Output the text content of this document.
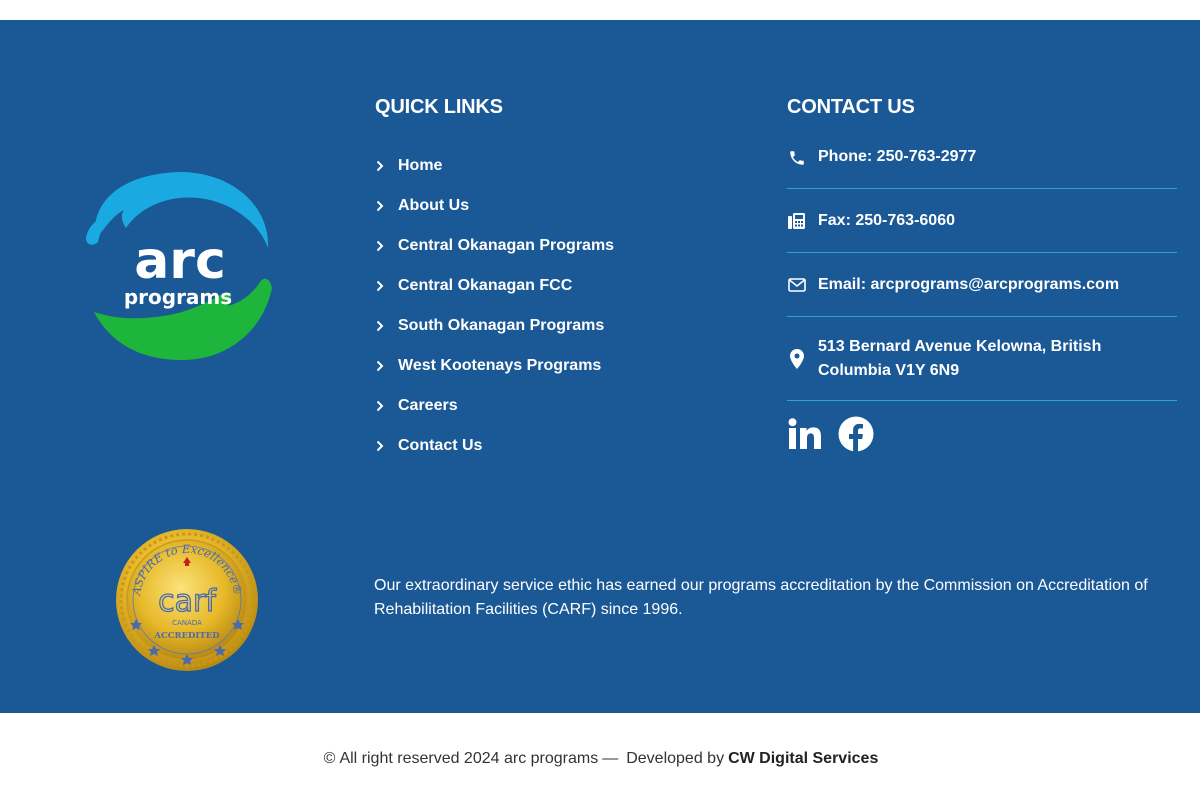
arc
programs
QUICK LINKS
Home
About Us
Central Okanagan Programs
Central Okanagan FCC
South Okanagan Programs
West Kootenays Programs
Careers
Contact Us
CONTACT US
Phone: 250-763-2977
Fax: 250-763-6060
Email: arcprograms@arcprograms.com
513 Bernard Avenue Kelowna, British Columbia V1Y 6N9
ASPIRE to Excellence®
carf
CANADA
ACCREDITED
Our extraordinary service ethic has earned our programs accreditation by the Commission on Accreditation of Rehabilitation Facilities (CARF) since 1996.
© All right reserved 2024 arc programs — Developed by CW Digital Services
